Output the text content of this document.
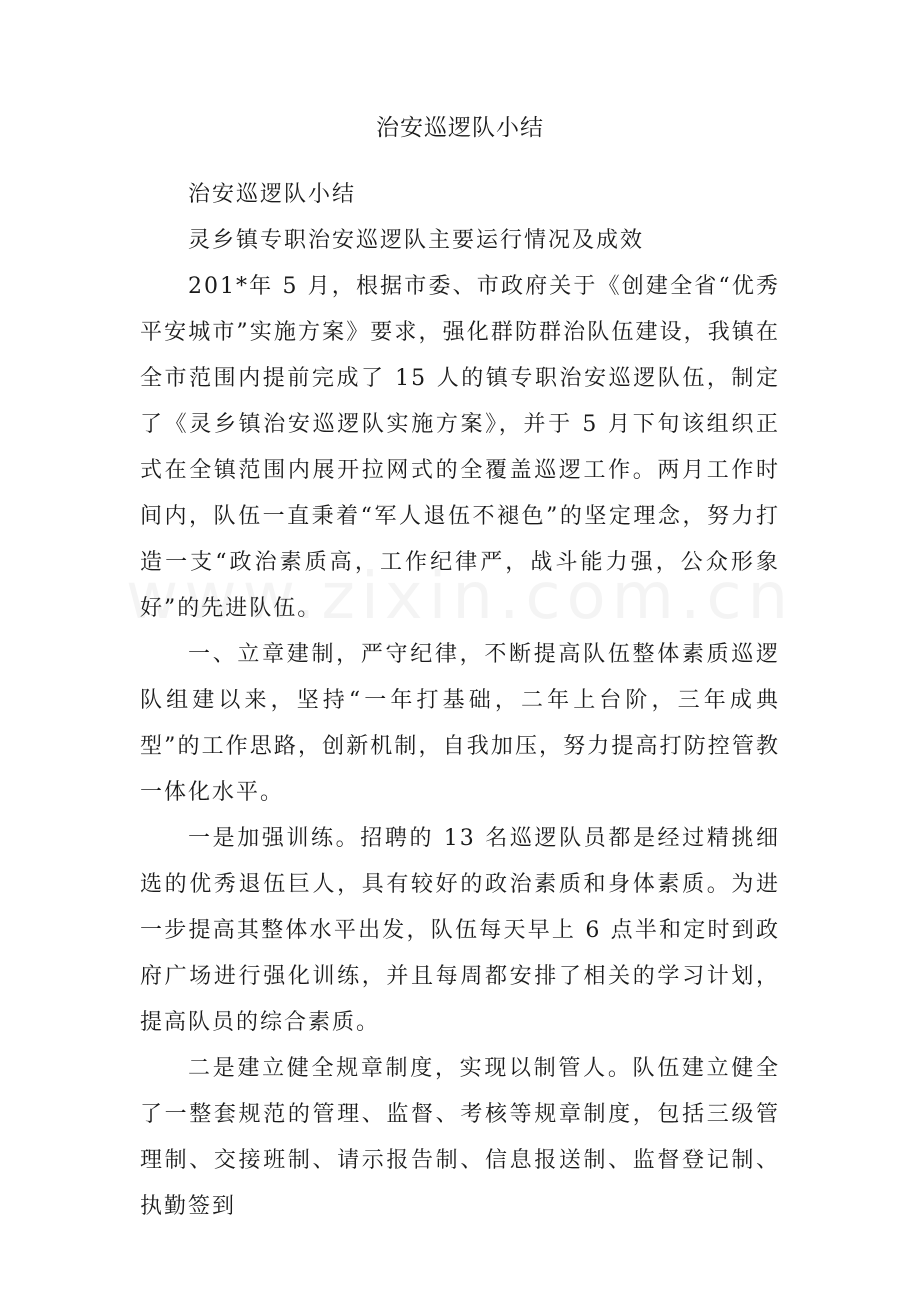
治安巡逻队小结

治安巡逻队小结

灵乡镇专职治安巡逻队主要运行情况及成效

201*年 5 月，根据市委、市政府关于《创建全省“优秀平安城市”实施方案》要求，强化群防群治队伍建设，我镇在全市范围内提前完成了 15 人的镇专职治安巡逻队伍，制定了《灵乡镇治安巡逻队实施方案》，并于 5 月下旬该组织正式在全镇范围内展开拉网式的全覆盖巡逻工作。两月工作时间内，队伍一直秉着“军人退伍不褪色”的坚定理念，努力打造一支“政治素质高，工作纪律严，战斗能力强，公众形象好”的先进队伍。

一、立章建制，严守纪律，不断提高队伍整体素质巡逻队组建以来，坚持“一年打基础，二年上台阶，三年成典型”的工作思路，创新机制，自我加压，努力提高打防控管教一体化水平。

一是加强训练。招聘的 13 名巡逻队员都是经过精挑细选的优秀退伍巨人，具有较好的政治素质和身体素质。为进一步提高其整体水平出发，队伍每天早上 6 点半和定时到政府广场进行强化训练，并且每周都安排了相关的学习计划，提高队员的综合素质。

二是建立健全规章制度，实现以制管人。队伍建立健全了一整套规范的管理、监督、考核等规章制度，包括三级管理制、交接班制、请示报告制、信息报送制、监督登记制、执勤签到
